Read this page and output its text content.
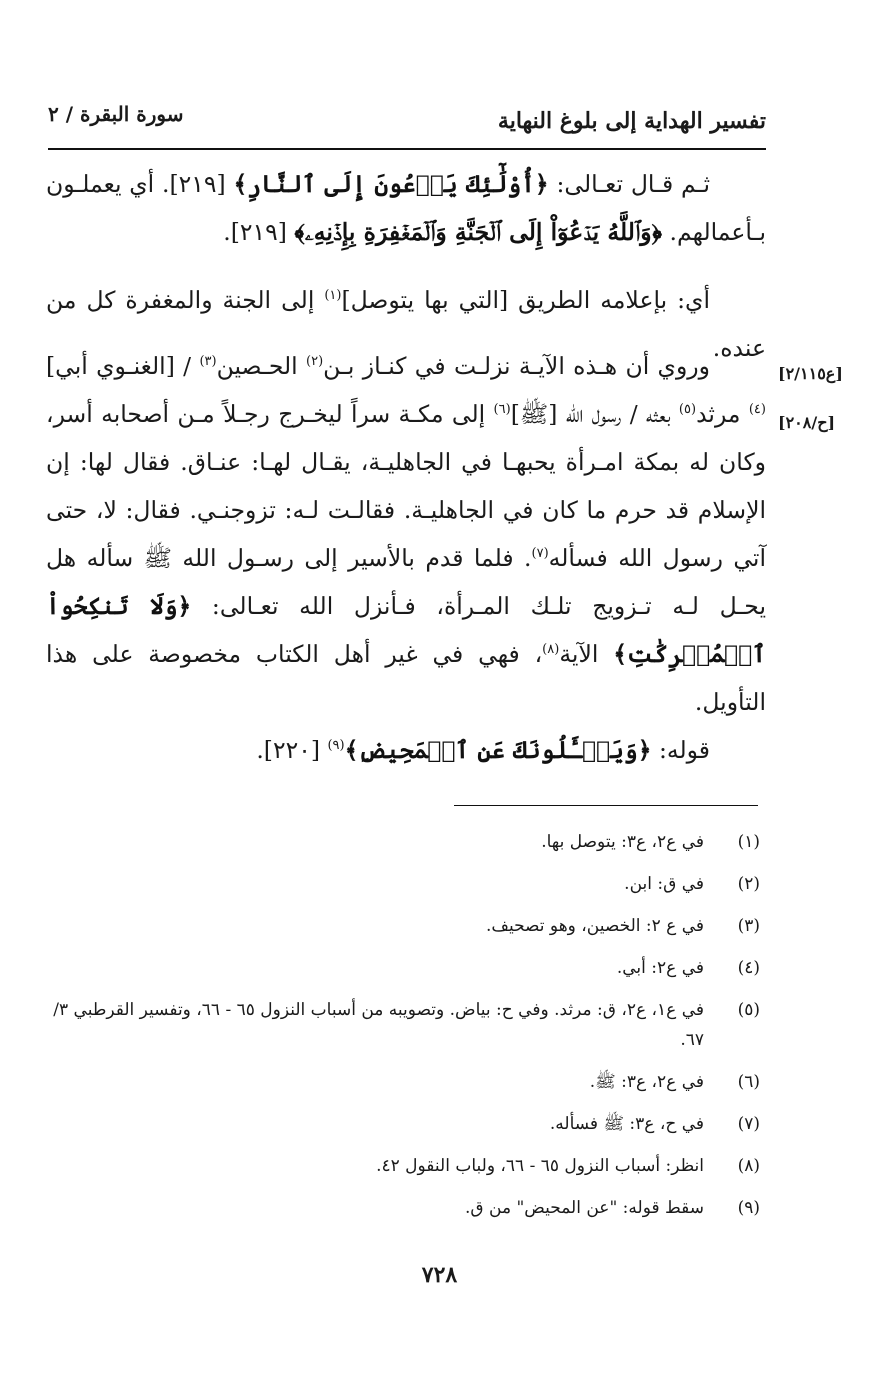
تفسير الهداية إلى بلوغ النهاية
سورة البقرة / ٢
[ع٢/١١٥]
[ح/٢٠٨]

ثـم قـال تعـالى: ﴿أُوْلَٰٓئِكَ يَدۡعُونَ إِلَى ٱلنَّارِ﴾ [٢١٩]. أي يعملـون بـأعمالهم. ﴿وَٱللَّهُ يَدۡعُوٓاْ إِلَى ٱلۡجَنَّةِ وَٱلۡمَغۡفِرَةِ بِإِذۡنِهِۦ﴾ [٢١٩].

أي: بإعلامه الطريق [التي بها يتوصل]$^{(١)}$ إلى الجنة والمغفرة كل من عنده.

وروي أن هـذه الآيـة نزلـت في كنـاز بـن$^{(٢)}$ الحـصين$^{(٣)}$ / [الغنـوي أبي]$^{(٤)}$ مرثد$^{(٥)}$ بعثه / رسول الله [ﷺ]$^{(٦)}$ إلى مكـة سراً ليخـرج رجـلاً مـن أصحابه أسر، وكان له بمكة امـرأة يحبهـا في الجاهليـة، يقـال لهـا: عنـاق. فقال لها: إن الإسلام قد حرم ما كان في الجاهليـة. فقالـت لـه: تزوجنـي. فقال: لا، حتى آتي رسول الله فسأله$^{(٧)}$. فلما قدم بالأسير إلى رسـول الله ﷺ سأله هل يحـل لـه تـزويج تلـك المـرأة، فـأنزل الله تعـالى: ﴿وَلَا تَنكِحُواْ ٱلۡمُشۡرِكَٰتِ﴾ الآية$^{(٨)}$، فهي في غير أهل الكتاب مخصوصة على هذا التأويل.

قوله: ﴿وَيَسۡـَٔلُونَكَ عَنِ ٱلۡمَحِيضِ﴾$^{(٩)}$ [٢٢٠].

(١)
في ع٢، ع٣: يتوصل بها.
(٢)
في ق: ابن.
(٣)
في ع ٢: الخصين، وهو تصحيف.
(٤)
في ع٢: أبي.
(٥)
في ع١، ع٢، ق: مرثد. وفي ح: بياض. وتصويبه من أسباب النزول ٦٥ - ٦٦، وتفسير القرطبي ٣/ ٦٧.
(٦)
في ع٢، ع٣: ﷺ.
(٧)
في ح، ع٣: ﷺ فسأله.
(٨)
انظر: أسباب النزول ٦٥ - ٦٦، ولباب النقول ٤٢.
(٩)
سقط قوله: "عن المحيض" من ق.
٧٢٨
